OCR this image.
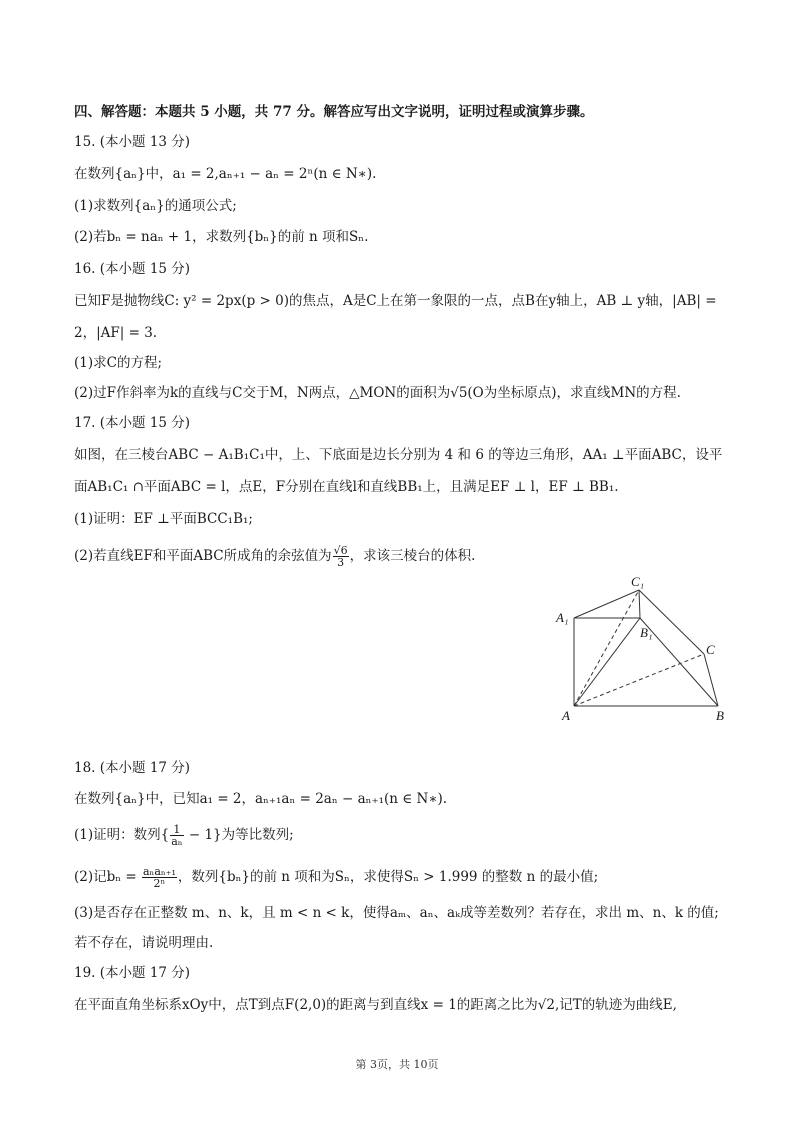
四、解答题：本题共 5 小题，共 77 分。解答应写出文字说明，证明过程或演算步骤。
15. (本小题 13 分)
在数列{aₙ}中，a₁ = 2,aₙ₊₁ − aₙ = 2ⁿ(n ∈ N∗).
(1)求数列{aₙ}的通项公式;
(2)若bₙ = naₙ + 1，求数列{bₙ}的前 n 项和Sₙ.
16. (本小题 15 分)
已知F是抛物线C: y² = 2px(p > 0)的焦点，A是C上在第一象限的一点，点B在y轴上，AB ⊥ y轴，|AB| =
2，|AF| = 3.
(1)求C的方程;
(2)过F作斜率为k的直线与C交于M，N两点，△MON的面积为√5(O为坐标原点)，求直线MN的方程.
17. (本小题 15 分)
如图，在三棱台ABC − A₁B₁C₁中，上、下底面是边长分别为 4 和 6 的等边三角形，AA₁ ⊥平面ABC，设平
面AB₁C₁ ∩平面ABC = l，点E，F分别在直线l和直线BB₁上，且满足EF ⊥ l，EF ⊥ BB₁.
(1)证明：EF ⊥平面BCC₁B₁;
(2)若直线EF和平面ABC所成角的余弦值为 $\frac{√6}{3}$ ，求该三棱台的体积.
A₁
C₁
B₁
C
A	B
18. (本小题 17 分)
在数列{aₙ}中，已知a₁ = 2，aₙ₊₁aₙ = 2aₙ − aₙ₊₁(n ∈ N∗).
(1)证明：数列{ $\frac{1}{\text{aₙ}} - 1$}为等比数列;
(2)记$b_n = \frac{\text{aₙaₙ₊₁}}{\text{2ⁿ}}$ ，数列{bₙ}的前 n 项和为Sₙ，求使得Sₙ > 1.999 的整数 n 的最小值;
(3)是否存在正整数 m、n、k，且 m < n < k，使得aₘ、aₙ、aₖ成等差数列？若存在，求出 m、n、k 的值;
若不存在，请说明理由.
19. (本小题 17 分)
在平面直角坐标系xOy中，点T到点F(2,0)的距离与到直线x = 1的距离之比为√2,记T的轨迹为曲线E,
第 3页，共 10页
